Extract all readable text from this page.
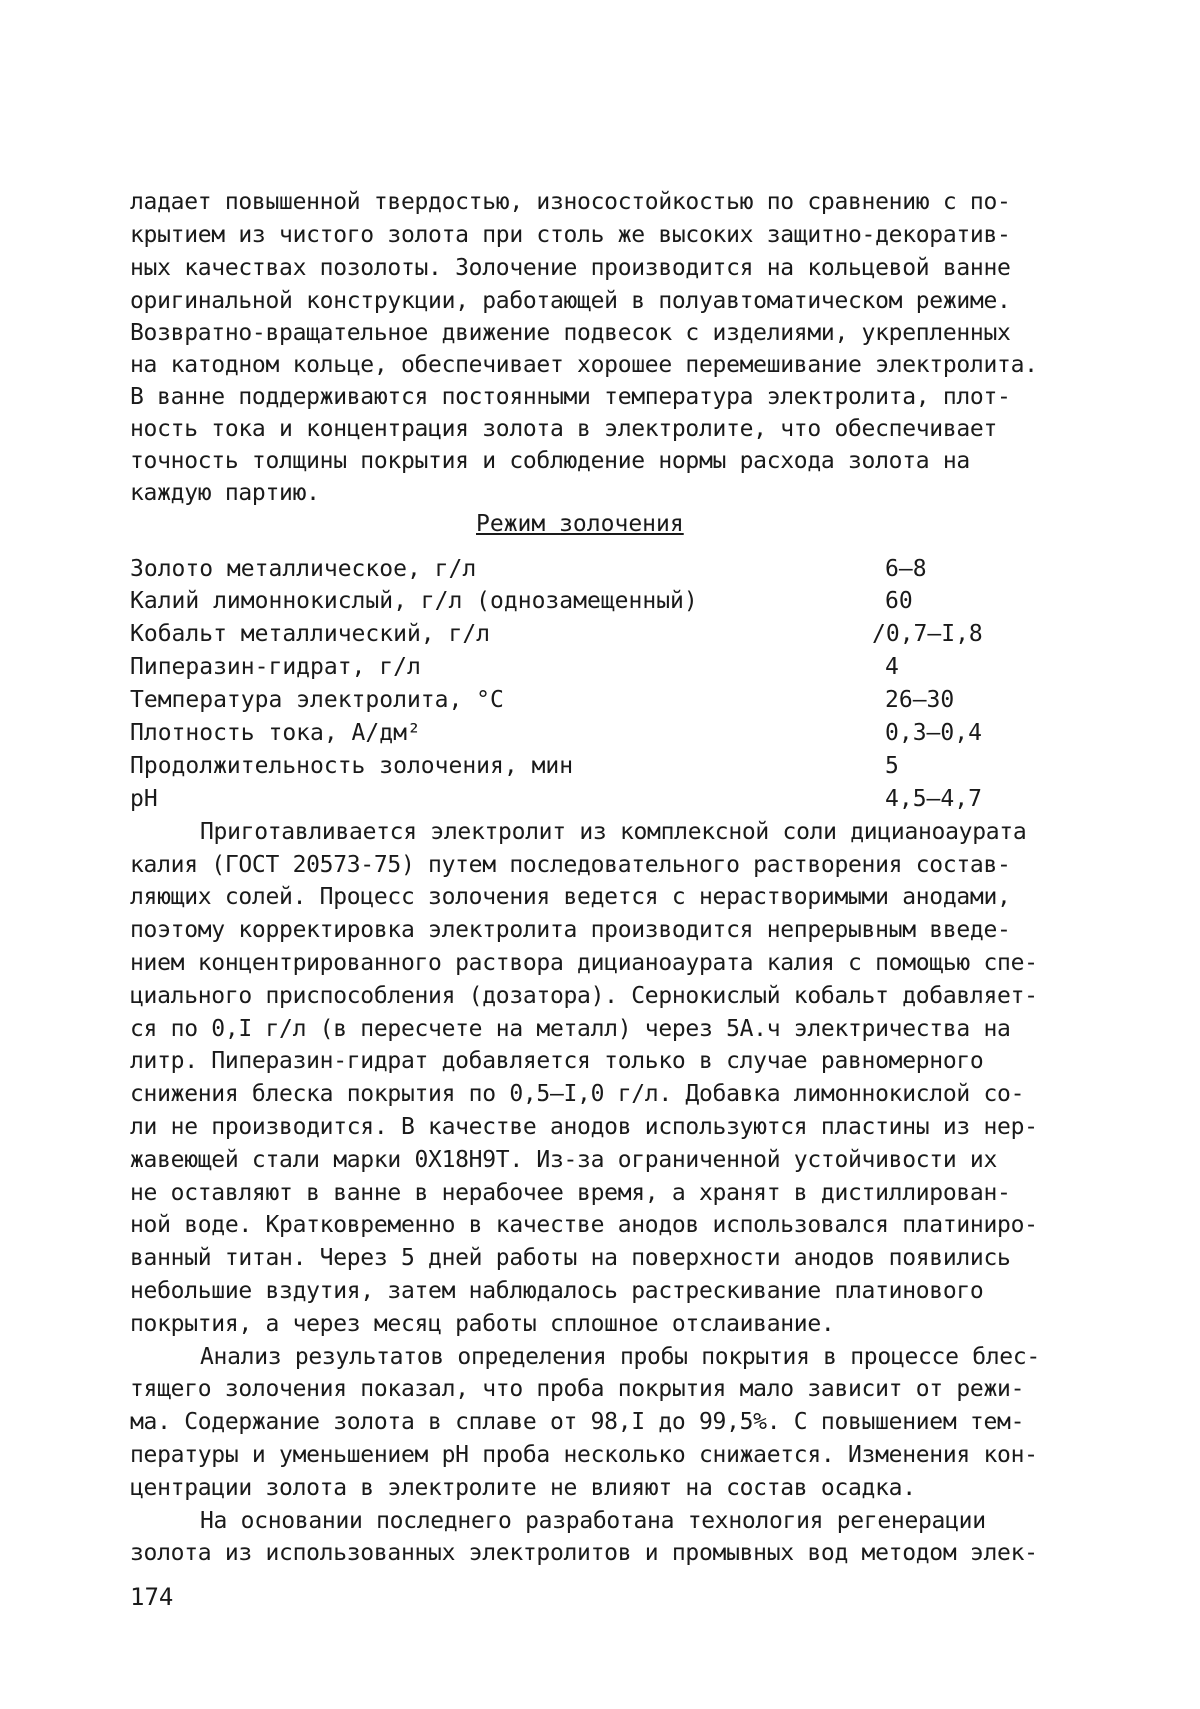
ладает повышенной твердостью, износостойкостью по сравнению с по-
крытием из чистого золота при столь же высоких защитно-декоратив-
ных качествах позолоты. Золочение производится на кольцевой ванне
оригинальной конструкции, работающей в полуавтоматическом режиме.
Возвратно-вращательное движение подвесок с изделиями, укрепленных
на катодном кольце, обеспечивает хорошее перемешивание электролита.
В ванне поддерживаются постоянными температура электролита, плот-
ность тока и концентрация золота в электролите, что обеспечивает
точность толщины покрытия и соблюдение нормы расхода золота на
каждую партию.
Режим золочения
Золото металлическое, г/л	6–8
Калий лимоннокислый, г/л (однозамещенный)	60
Кобальт металлический, г/л	/0,7–I,8
Пиперазин-гидрат, г/л	4
Температура электролита, °С	26–30
Плотность тока, А/дм²	0,3–0,4
Продолжительность золочения, мин	5
рН	4,5–4,7
Приготавливается электролит из комплексной соли дицианоаурата
калия (ГОСТ 20573-75) путем последовательного растворения состав-
ляющих солей. Процесс золочения ведется с нерастворимыми анодами,
поэтому корректировка электролита производится непрерывным введе-
нием концентрированного раствора дицианоаурата калия с помощью спе-
циального приспособления (дозатора). Сернокислый кобальт добавляет-
ся по 0,I г/л (в пересчете на металл) через 5А.ч электричества на
литр. Пиперазин-гидрат добавляется только в случае равномерного
снижения блеска покрытия по 0,5–I,0 г/л. Добавка лимоннокислой со-
ли не производится. В качестве анодов используются пластины из нер-
жавеющей стали марки 0Х18Н9Т. Из-за ограниченной устойчивости их
не оставляют в ванне в нерабочее время, а хранят в дистиллирован-
ной воде. Кратковременно в качестве анодов использовался платиниро-
ванный титан. Через 5 дней работы на поверхности анодов появились
небольшие вздутия, затем наблюдалось растрескивание платинового
покрытия, а через месяц работы сплошное отслаивание.
Анализ результатов определения пробы покрытия в процессе блес-
тящего золочения показал, что проба покрытия мало зависит от режи-
ма. Содержание золота в сплаве от 98,I до 99,5%. С повышением тем-
пературы и уменьшением рН проба несколько снижается. Изменения кон-
центрации золота в электролите не влияют на состав осадка.
На основании последнего разработана технология регенерации
золота из использованных электролитов и промывных вод методом элек-
174
